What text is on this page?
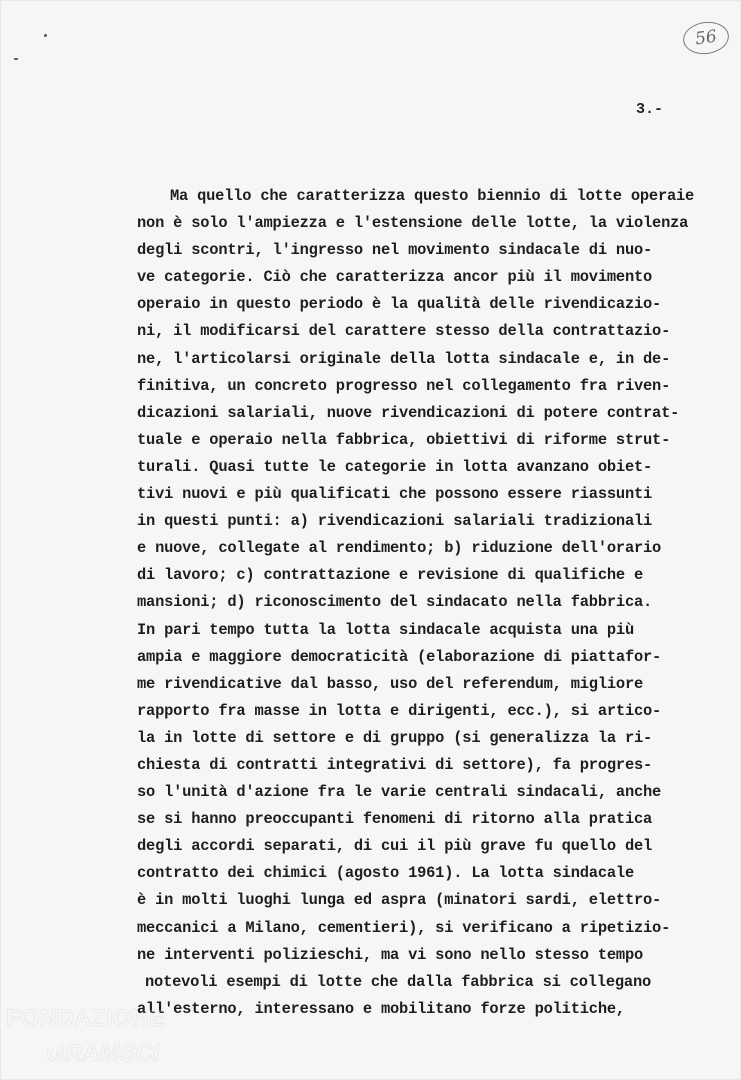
56
3.-
Ma quello che caratterizza questo biennio di lotte operaie
non è solo l'ampiezza e l'estensione delle lotte, la violenza
degli scontri, l'ingresso nel movimento sindacale di nuo-
ve categorie. Ciò che caratterizza ancor più il movimento
operaio in questo periodo è la qualità delle rivendicazio-
ni, il modificarsi del carattere stesso della contrattazio-
ne, l'articolarsi originale della lotta sindacale e, in de-
finitiva, un concreto progresso nel collegamento fra riven-
dicazioni salariali, nuove rivendicazioni di potere contrat-
tuale e operaio nella fabbrica, obiettivi di riforme strut-
turali. Quasi tutte le categorie in lotta avanzano obiet-
tivi nuovi e più qualificati che possono essere riassunti
in questi punti: a) rivendicazioni salariali tradizionali
e nuove, collegate al rendimento; b) riduzione dell'orario
di lavoro; c) contrattazione e revisione di qualifiche e
mansioni; d) riconoscimento del sindacato nella fabbrica.
In pari tempo tutta la lotta sindacale acquista una più
ampia e maggiore democraticità (elaborazione di piattafor-
me rivendicative dal basso, uso del referendum, migliore
rapporto fra masse in lotta e dirigenti, ecc.), si artico-
la in lotte di settore e di gruppo (si generalizza la ri-
chiesta di contratti integrativi di settore), fa progres-
so l'unità d'azione fra le varie centrali sindacali, anche
se si hanno preoccupanti fenomeni di ritorno alla pratica
degli accordi separati, di cui il più grave fu quello del
contratto dei chimici (agosto 1961). La lotta sindacale
è in molti luoghi lunga ed aspra (minatori sardi, elettro-
meccanici a Milano, cementieri), si verificano a ripetizio-
ne interventi polizieschi, ma vi sono nello stesso tempo
notevoli esempi di lotte che dalla fabbrica si collegano
all'esterno, interessano e mobilitano forze politiche,
FONDAZIONE
GRAMSCI
